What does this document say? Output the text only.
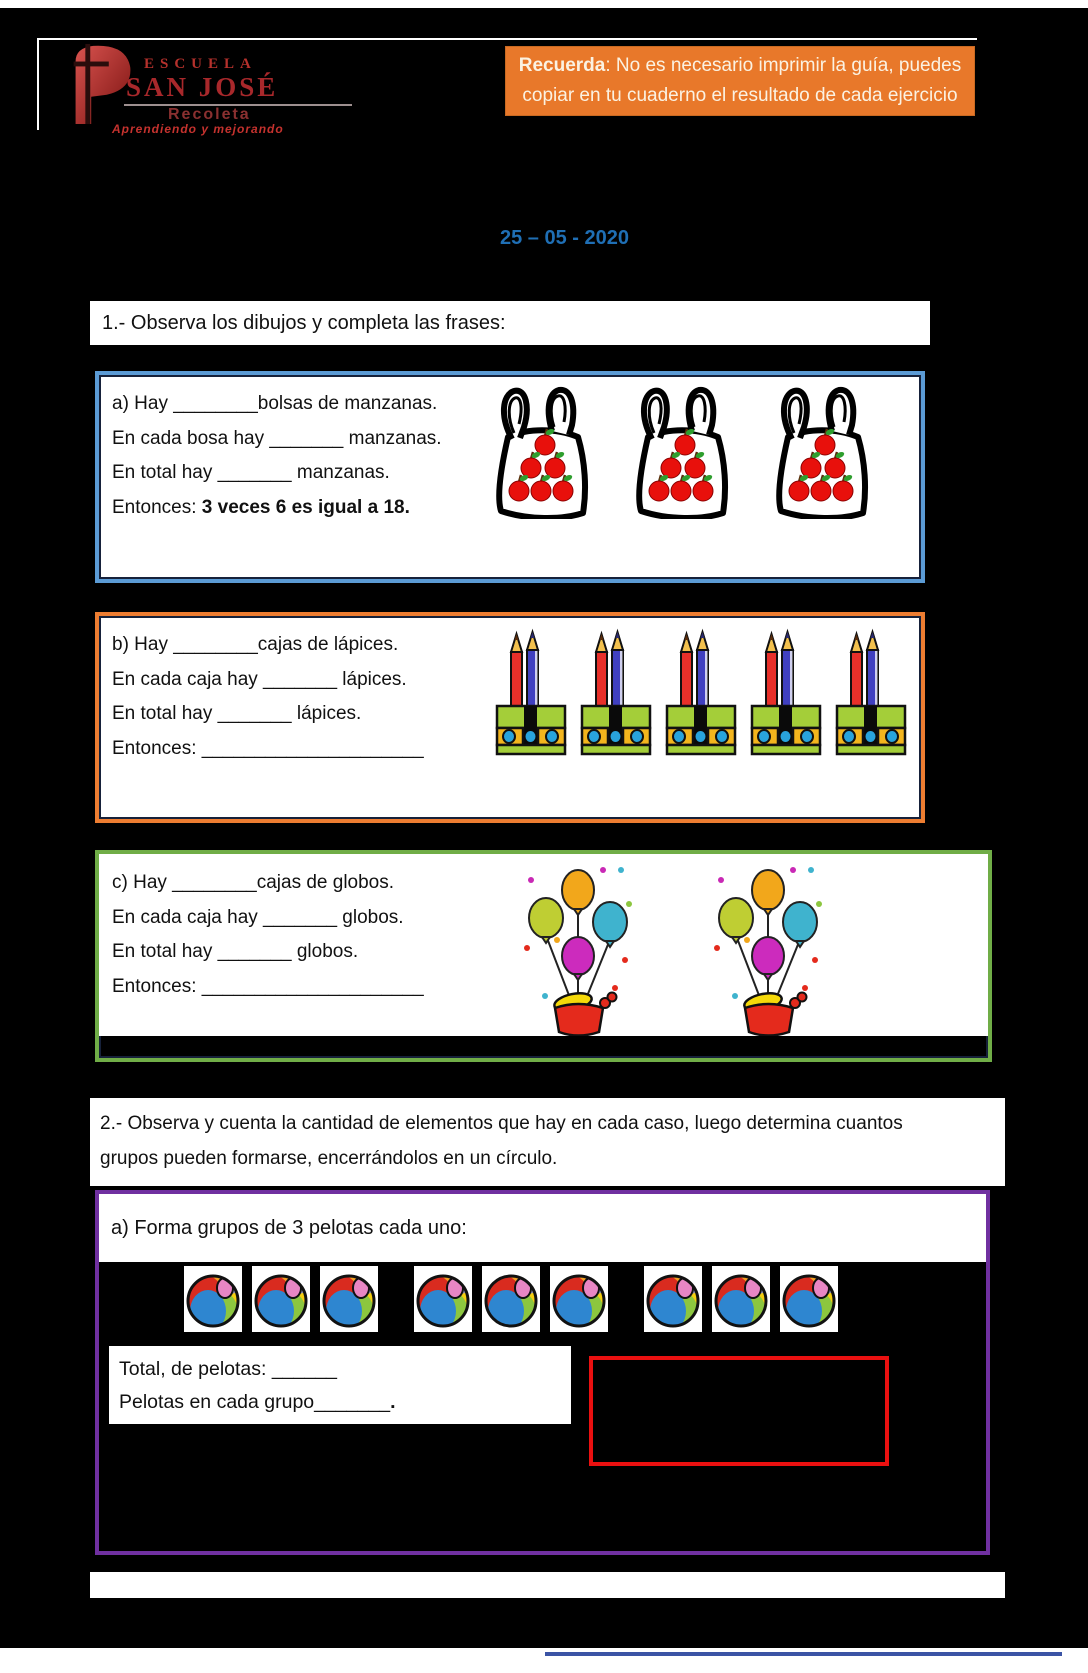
ESCUELA
SAN JOSÉ
Recoleta
Aprendiendo y mejorando
Recuerda: No es necesario imprimir la guía, puedes
copiar en tu cuaderno el resultado de cada ejercicio
25 – 05 - 2020
1.- Observa los dibujos y completa las frases:
a) Hay ________bolsas de manzanas.
En cada bosa hay _______ manzanas.
En total hay _______ manzanas.
Entonces: 3 veces 6 es igual a 18.
b) Hay ________cajas de lápices.
En cada caja hay _______ lápices.
En total hay _______ lápices.
Entonces: _____________________
c) Hay ________cajas de globos.
En cada caja hay _______ globos.
En total hay _______ globos.
Entonces: _____________________
2.- Observa y cuenta la cantidad de elementos que hay en cada caso, luego determina cuantos
grupos pueden formarse, encerrándolos en un círculo.
a) Forma grupos de 3 pelotas cada uno:
Total, de pelotas: ______
Pelotas en cada grupo_______.
